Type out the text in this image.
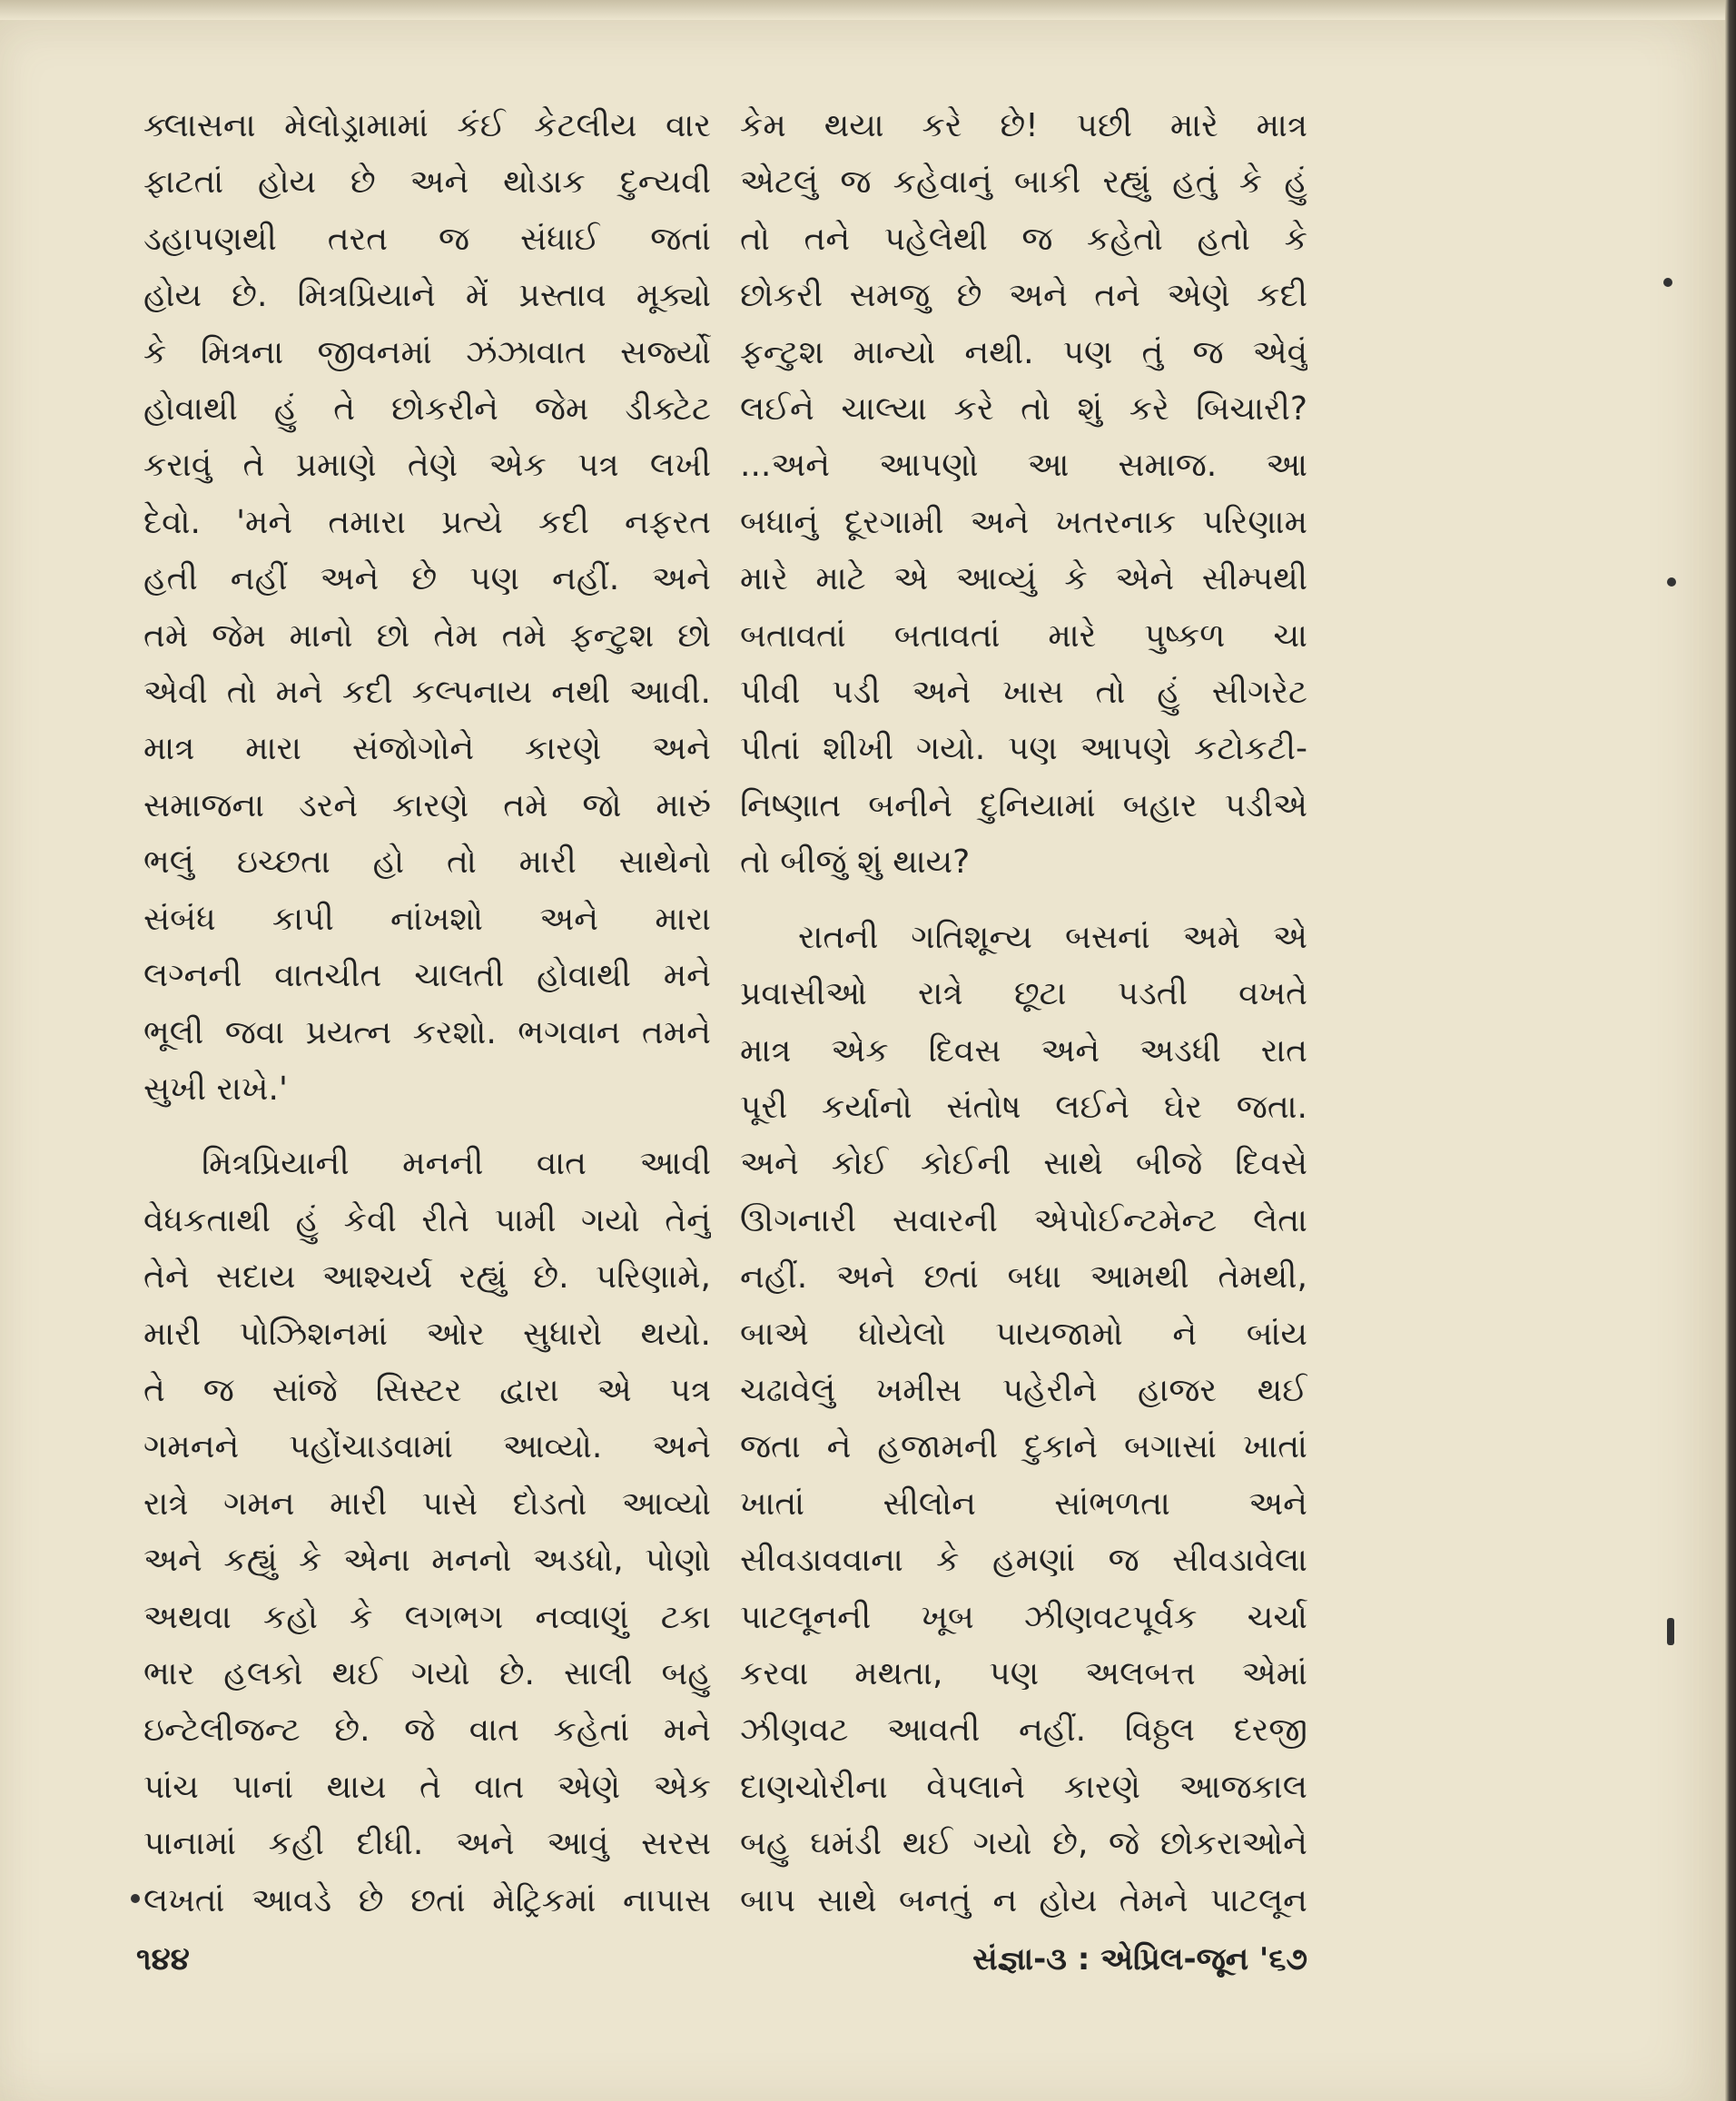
ક્લાસના મેલોડ્રામામાં કંઈ કેટલીય વાર
ફાટતાં હોય છે અને થોડાક દુન્યવી
ડહાપણથી તરત જ સંધાઈ જતાં
હોય છે. મિત્રપ્રિયાને મેં પ્રસ્તાવ મૂક્યો
કે મિત્રના જીવનમાં ઝંઝાવાત સર્જ્યો
હોવાથી હું તે છોકરીને જેમ ડીક્ટેટ
કરાવું તે પ્રમાણે તેણે એક પત્ર લખી
દેવો. 'મને તમારા પ્રત્યે કદી નફરત
હતી નહીં અને છે પણ નહીં. અને
તમે જેમ માનો છો તેમ તમે ફન્ટુશ છો
એવી તો મને કદી કલ્પનાય નથી આવી.
માત્ર મારા સંજોગોને કારણે અને
સમાજના ડરને કારણે તમે જો મારું
ભલું ઇચ્છતા હો તો મારી સાથેનો
સંબંધ કાપી નાંખશો અને મારા
લગ્નની વાતચીત ચાલતી હોવાથી મને
ભૂલી જવા પ્રયત્ન કરશો. ભગવાન તમને
સુખી રાખે.'
મિત્રપ્રિયાની મનની વાત આવી
વેધકતાથી હું કેવી રીતે પામી ગયો તેનું
તેને સદાય આશ્ચર્ય રહ્યું છે. પરિણામે,
મારી પોઝિશનમાં ઓર સુધારો થયો.
તે જ સાંજે સિસ્ટર દ્વારા એ પત્ર
ગમનને પહોંચાડવામાં આવ્યો. અને
રાત્રે ગમન મારી પાસે દોડતો આવ્યો
અને કહ્યું કે એના મનનો અડધો, પોણો
અથવા કહો કે લગભગ નવ્વાણું ટકા
ભાર હલકો થઈ ગયો છે. સાલી બહુ
ઇન્ટેલીજન્ટ છે. જે વાત કહેતાં મને
પાંચ પાનાં થાય તે વાત એણે એક
પાનામાં કહી દીધી. અને આવું સરસ
લખતાં આવડે છે છતાં મેટ્રિકમાં નાપાસ
કેમ થયા કરે છે! પછી મારે માત્ર
એટલું જ કહેવાનું બાકી રહ્યું હતું કે હું
તો તને પહેલેથી જ કહેતો હતો કે
છોકરી સમજુ છે અને તને એણે કદી
ફન્ટુશ માન્યો નથી. પણ તું જ એવું
લઈને ચાલ્યા કરે તો શું કરે બિચારી?
...અને આપણો આ સમાજ. આ
બધાનું દૂરગામી અને ખતરનાક પરિણામ
મારે માટે એ આવ્યું કે એને સીમ્પથી
બતાવતાં બતાવતાં મારે પુષ્કળ ચા
પીવી પડી અને ખાસ તો હું સીગરેટ
પીતાં શીખી ગયો. પણ આપણે કટોકટી-
નિષ્ણાત બનીને દુનિયામાં બહાર પડીએ
તો બીજું શું થાય?
રાતની ગતિશૂન્ય બસનાં અમે એ
પ્રવાસીઓ રાત્રે છૂટા પડતી વખતે
માત્ર એક દિવસ અને અડધી રાત
પૂરી કર્યાનો સંતોષ લઈને ઘેર જતા.
અને કોઈ કોઈની સાથે બીજે દિવસે
ઊગનારી સવારની એપોઈન્ટમેન્ટ લેતા
નહીં. અને છતાં બધા આમથી તેમથી,
બાએ ધોયેલો પાયજામો ને બાંય
ચઢાવેલું ખમીસ પહેરીને હાજર થઈ
જતા ને હજામની દુકાને બગાસાં ખાતાં
ખાતાં સીલોન સાંભળતા અને
સીવડાવવાના કે હમણાં જ સીવડાવેલા
પાટલૂનની ખૂબ ઝીણવટપૂર્વક ચર્ચા
કરવા મથતા, પણ અલબત્ત એમાં
ઝીણવટ આવતી નહીં. વિઠ્ઠલ દરજી
દાણચોરીના વેપલાને કારણે આજકાલ
બહુ ઘમંડી થઈ ગયો છે, જે છોકરાઓને
બાપ સાથે બનતું ન હોય તેમને પાટલૂન
૧૪૪	સંજ્ઞા-૩ : એપ્રિલ-જૂન '૬૭
